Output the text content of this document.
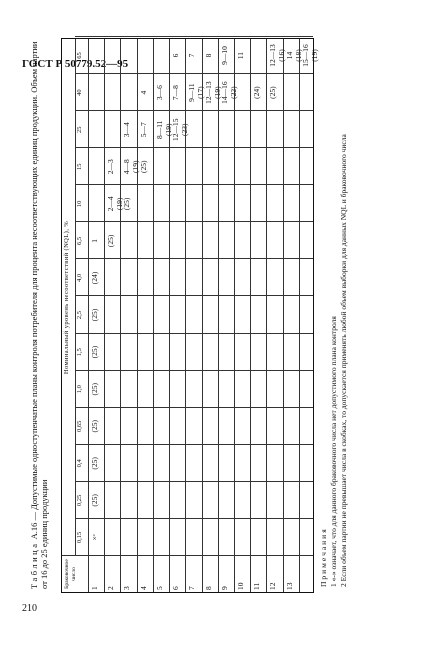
ГОСТ Р 50779.52—95
210
Таблица А.16 — Допустимые одноступенчатые планы контроля потребителя для процента несоответствующих единиц продукции. Объем партии от 16 до 25 единиц продукции	Браковочное число
Номинальный уровень несоответствий (NQL), %
0,15
0,25
0,4
0,65
1,0
1,5
2,5
4,0
6,5
10
15
25
40
65
1
×ᵊ
(25)
(25)
(25)
(25)
(25)
(25)
(24)
1
2
(25)
2—4 (19)
2—3
3
(25)
4—8 (19)
3—4
4
(25)
5—7
4
5
8—11 (19)
3—6
6
12—15 (23)
7—8
6
7
9—11 (17)
7
8
12—13 (19)
8
9
14—16 (22)
9—10
10
11
11
(24)
12
(25)
12—13 (16)
13
14 (18)
15—16 (19)
Примечания 1 «-» означает, что для данного браковочного числа нет допустимого плана контроля 2 Если объем партии не превышает числа в скобках, то допускается применять любой объем выборки для данных NQL и браковочного числа
